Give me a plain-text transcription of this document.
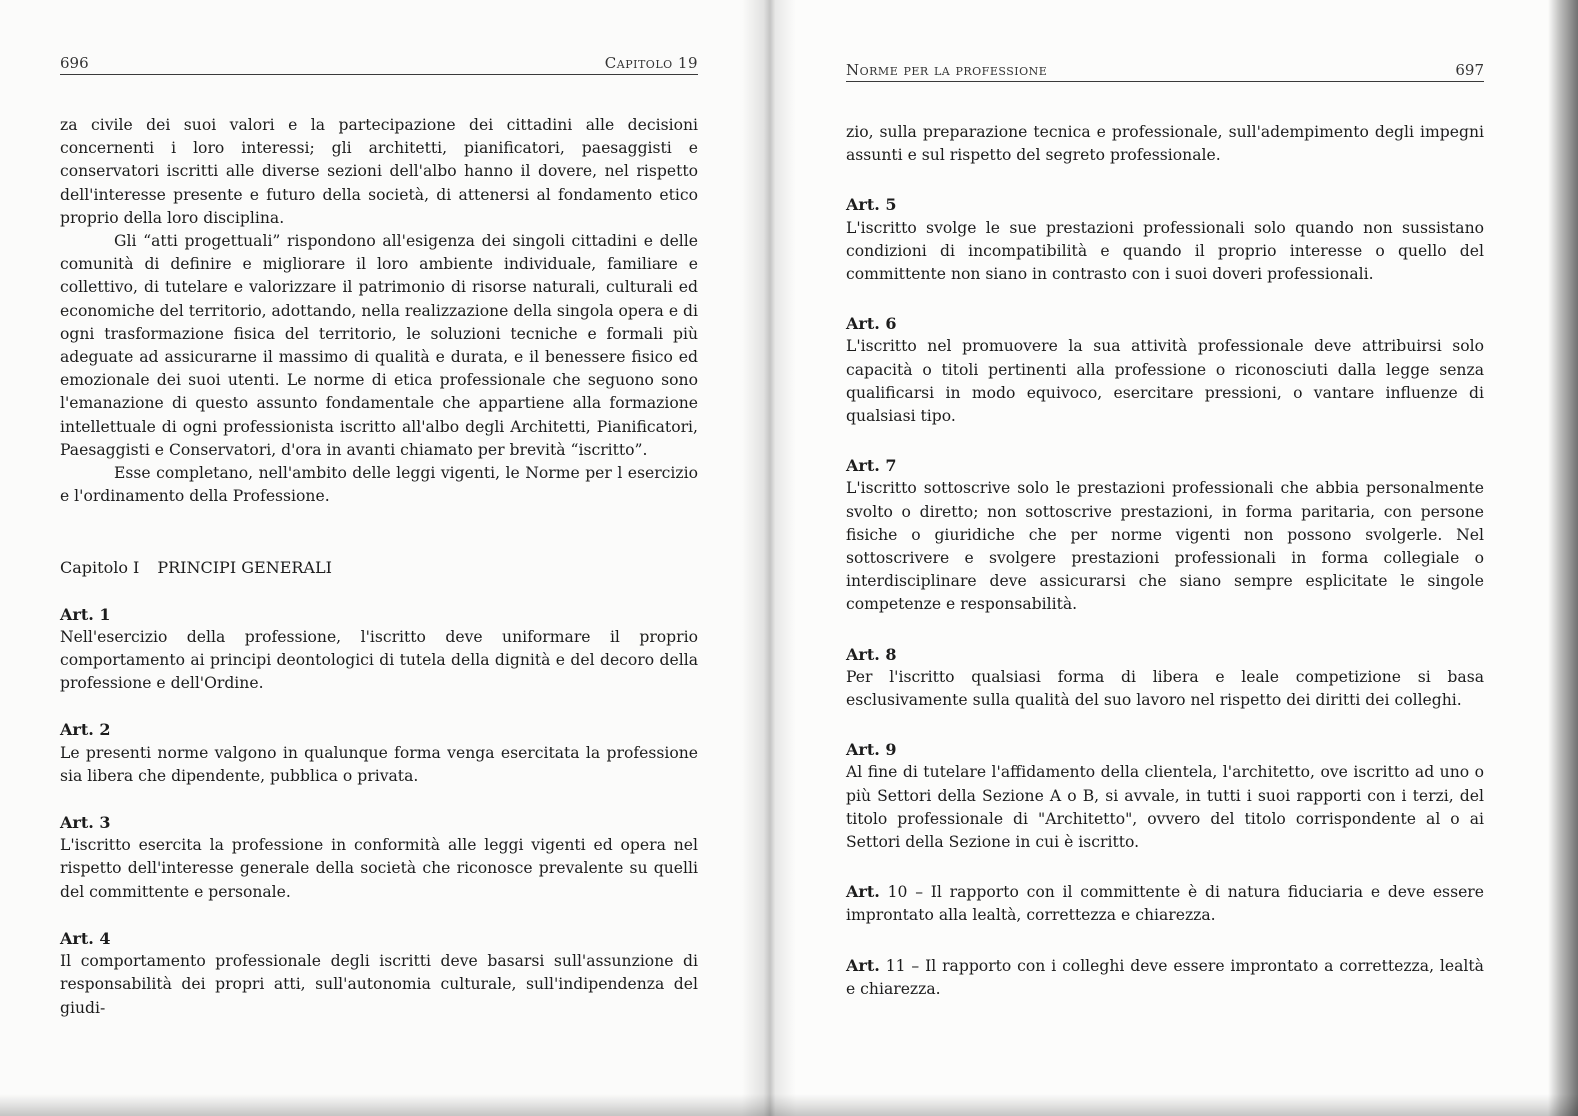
696	Capitolo 19

za civile dei suoi valori e la partecipazione dei cittadini alle decisioni concernenti i loro interessi; gli architetti, pianificatori, paesaggisti e conservatori iscritti alle diverse sezioni dell'albo hanno il dovere, nel rispetto dell'interesse presente e futuro della società, di attenersi al fondamento etico proprio della loro disciplina.

Gli “atti progettuali” rispondono all'esigenza dei singoli cittadini e delle comunità di definire e migliorare il loro ambiente individuale, familiare e collettivo, di tutelare e valorizzare il patrimonio di risorse naturali, culturali ed economiche del territorio, adottando, nella realizzazione della singola opera e di ogni trasformazione fisica del territorio, le soluzioni tecniche e formali più adeguate ad assicurarne il massimo di qualità e durata, e il benessere fisico ed emozionale dei suoi utenti. Le norme di etica professionale che seguono sono l'emanazione di questo assunto fondamentale che appartiene alla formazione intellettuale di ogni professionista iscritto all'albo degli Architetti, Pianificatori, Paesaggisti e Conservatori, d'ora in avanti chiamato per brevità “iscritto”.

Esse completano, nell'ambito delle leggi vigenti, le Norme per l esercizio e l'ordinamento della Professione.

Capitolo I PRINCIPI GENERALI

Art. 1

Nell'esercizio della professione, l'iscritto deve uniformare il proprio comportamento ai principi deontologici di tutela della dignità e del decoro della professione e dell'Ordine.

Art. 2

Le presenti norme valgono in qualunque forma venga esercitata la professione sia libera che dipendente, pubblica o privata.

Art. 3

L'iscritto esercita la professione in conformità alle leggi vigenti ed opera nel rispetto dell'interesse generale della società che riconosce prevalente su quelli del committente e personale.

Art. 4

Il comportamento professionale degli iscritti deve basarsi sull'assunzione di responsabilità dei propri atti, sull'autonomia culturale, sull'indipendenza del giudi-

Norme per la professione	697

zio, sulla preparazione tecnica e professionale, sull'adempimento degli impegni assunti e sul rispetto del segreto professionale.

Art. 5

L'iscritto svolge le sue prestazioni professionali solo quando non sussistano condizioni di incompatibilità e quando il proprio interesse o quello del committente non siano in contrasto con i suoi doveri professionali.

Art. 6

L'iscritto nel promuovere la sua attività professionale deve attribuirsi solo capacità o titoli pertinenti alla professione o riconosciuti dalla legge senza qualificarsi in modo equivoco, esercitare pressioni, o vantare influenze di qualsiasi tipo.

Art. 7

L'iscritto sottoscrive solo le prestazioni professionali che abbia personalmente svolto o diretto; non sottoscrive prestazioni, in forma paritaria, con persone fisiche o giuridiche che per norme vigenti non possono svolgerle. Nel sottoscrivere e svolgere prestazioni professionali in forma collegiale o interdisciplinare deve assicurarsi che siano sempre esplicitate le singole competenze e responsabilità.

Art. 8

Per l'iscritto qualsiasi forma di libera e leale competizione si basa esclusivamente sulla qualità del suo lavoro nel rispetto dei diritti dei colleghi.

Art. 9

Al fine di tutelare l'affidamento della clientela, l'architetto, ove iscritto ad uno o più Settori della Sezione A o B, si avvale, in tutti i suoi rapporti con i terzi, del titolo professionale di "Architetto", ovvero del titolo corrispondente al o ai Settori della Sezione in cui è iscritto.

Art. 10 – Il rapporto con il committente è di natura fiduciaria e deve essere improntato alla lealtà, correttezza e chiarezza.

Art. 11 – Il rapporto con i colleghi deve essere improntato a correttezza, lealtà e chiarezza.
